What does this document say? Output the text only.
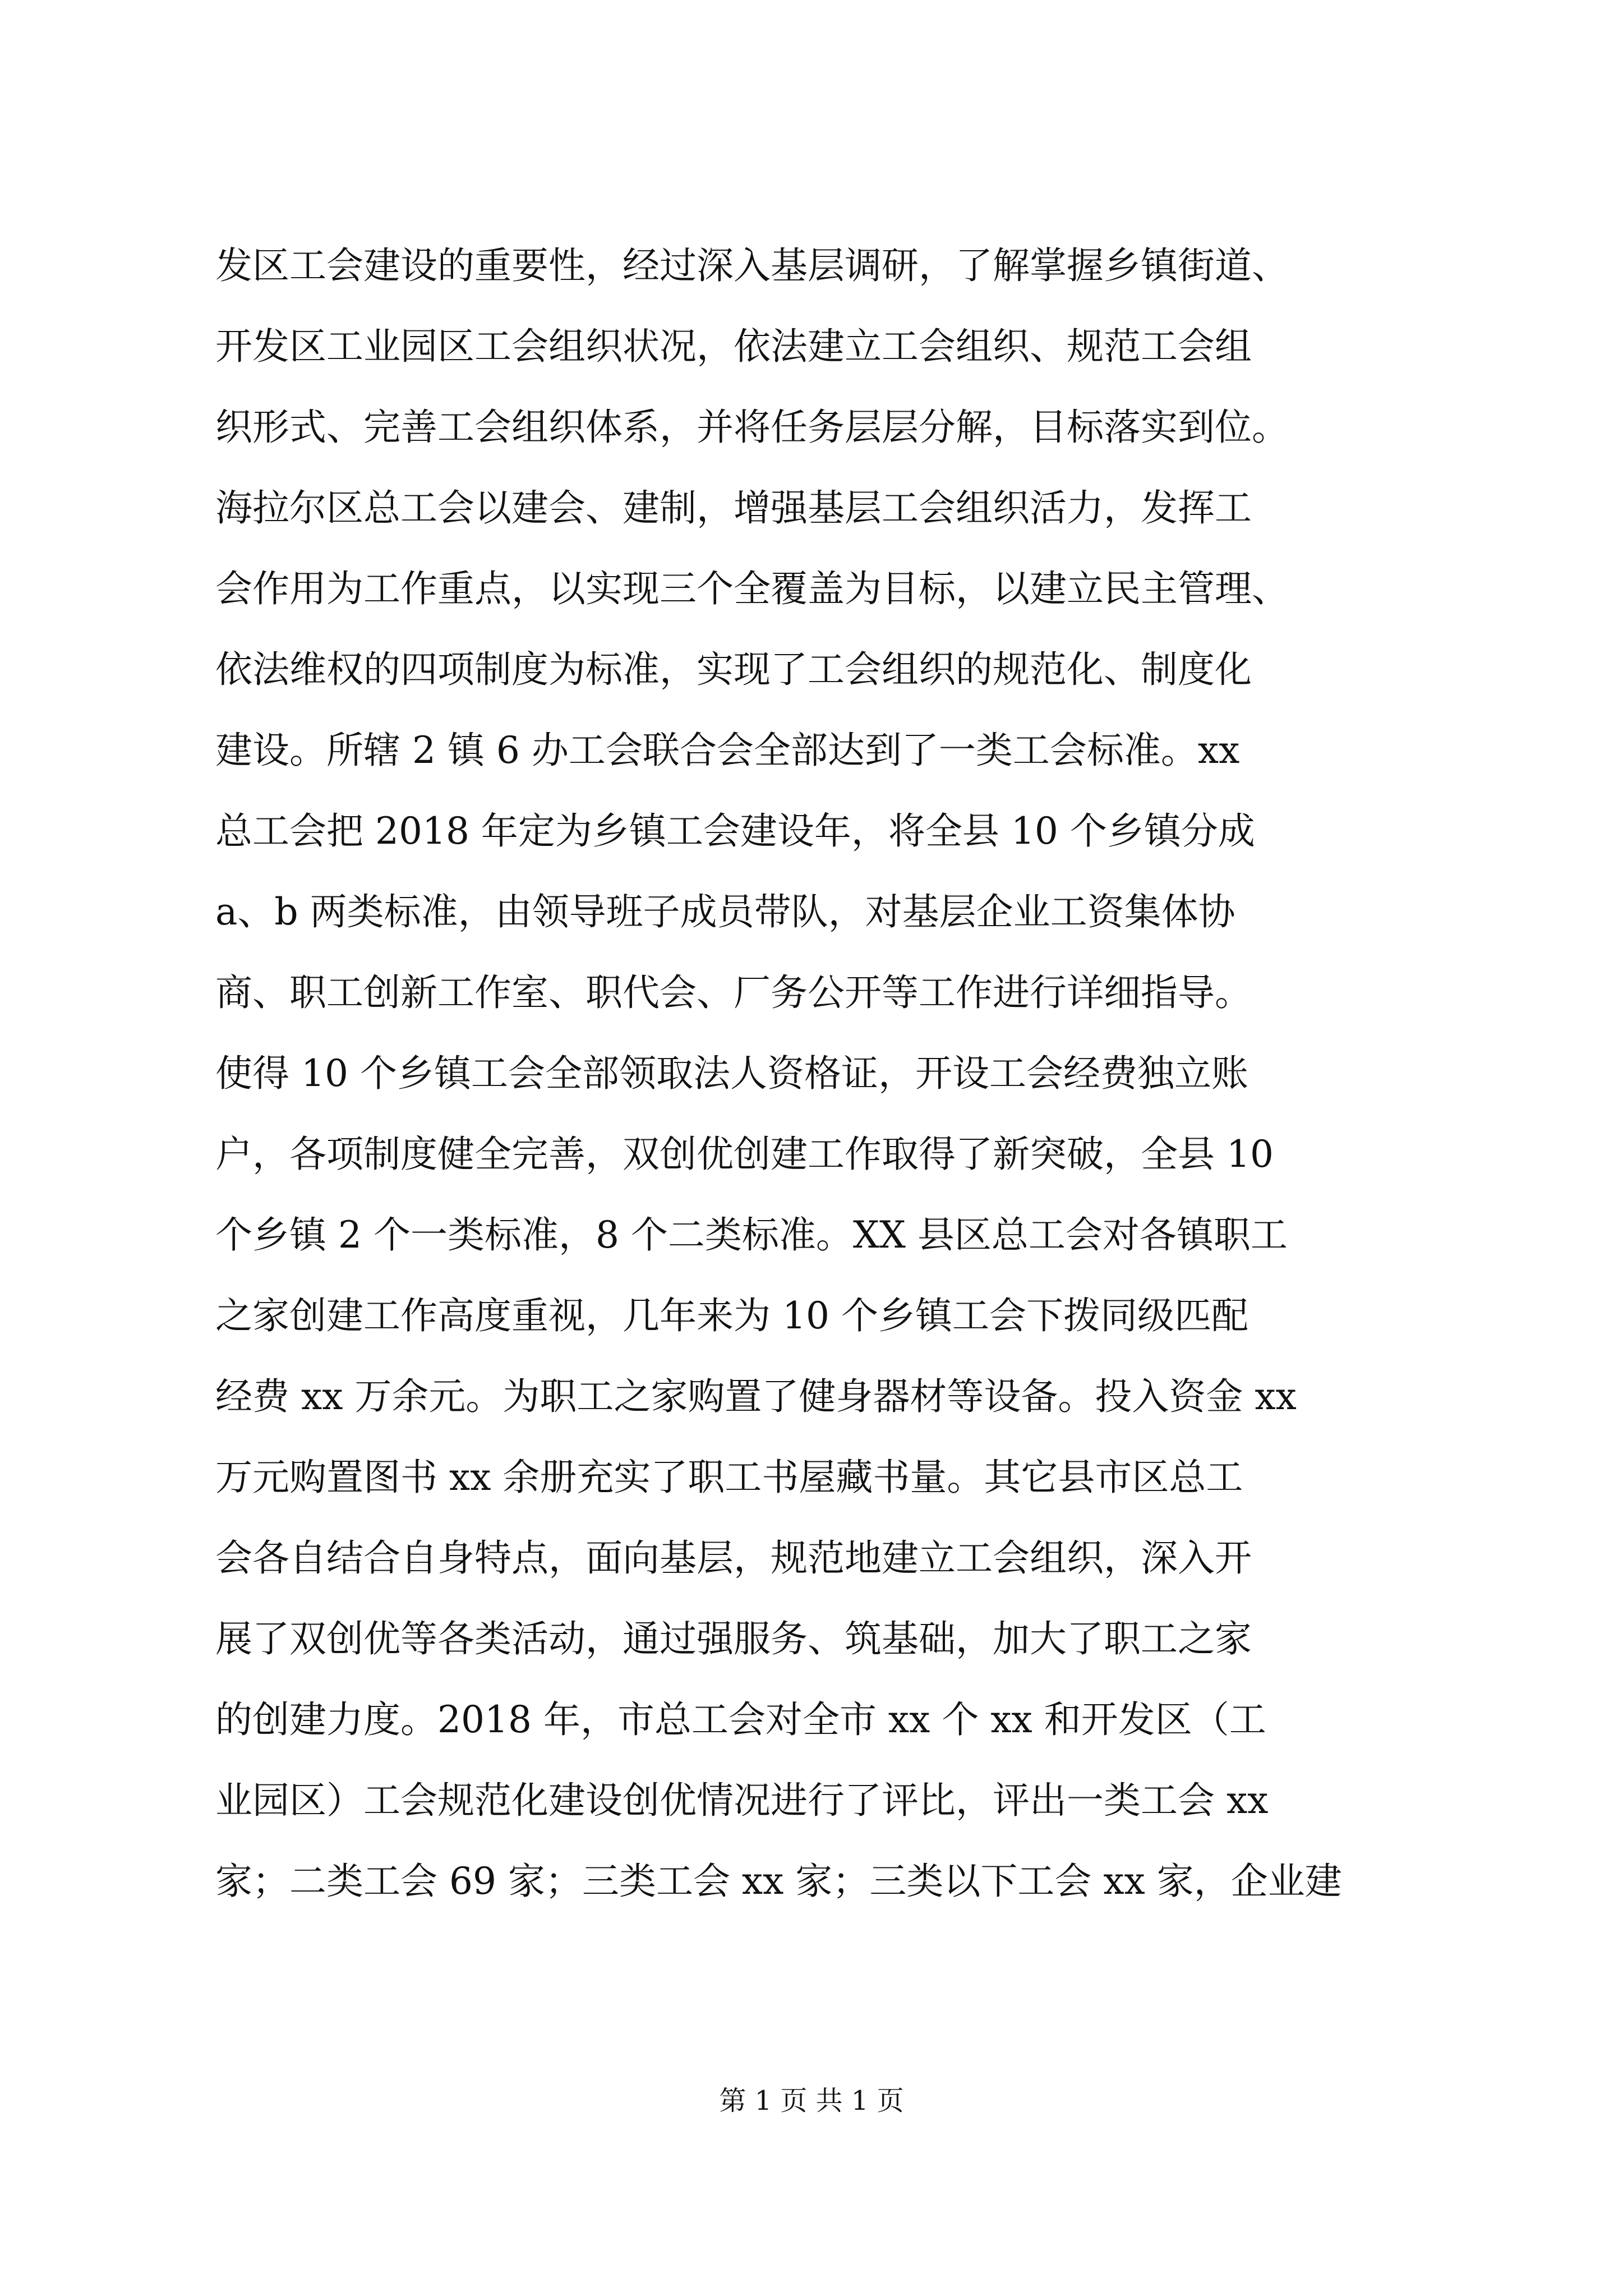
发区工会建设的重要性，经过深入基层调研，了解掌握乡镇街道、
开发区工业园区工会组织状况，依法建立工会组织、规范工会组
织形式、完善工会组织体系，并将任务层层分解，目标落实到位。
海拉尔区总工会以建会、建制，增强基层工会组织活力，发挥工
会作用为工作重点，以实现三个全覆盖为目标，以建立民主管理、
依法维权的四项制度为标准，实现了工会组织的规范化、制度化
建设。所辖 2 镇 6 办工会联合会全部达到了一类工会标准。xx
总工会把 2018 年定为乡镇工会建设年，将全县 10 个乡镇分成
a、b 两类标准，由领导班子成员带队，对基层企业工资集体协
商、职工创新工作室、职代会、厂务公开等工作进行详细指导。
使得 10 个乡镇工会全部领取法人资格证，开设工会经费独立账
户，各项制度健全完善，双创优创建工作取得了新突破，全县 10
个乡镇 2 个一类标准，8 个二类标准。XX 县区总工会对各镇职工
之家创建工作高度重视，几年来为 10 个乡镇工会下拨同级匹配
经费 xx 万余元。为职工之家购置了健身器材等设备。投入资金 xx
万元购置图书 xx 余册充实了职工书屋藏书量。其它县市区总工
会各自结合自身特点，面向基层，规范地建立工会组织，深入开
展了双创优等各类活动，通过强服务、筑基础，加大了职工之家
的创建力度。2018 年，市总工会对全市 xx 个 xx 和开发区（工
业园区）工会规范化建设创优情况进行了评比，评出一类工会 xx
家；二类工会 69 家；三类工会 xx 家；三类以下工会 xx 家，企业建
第 1 页 共 1 页
